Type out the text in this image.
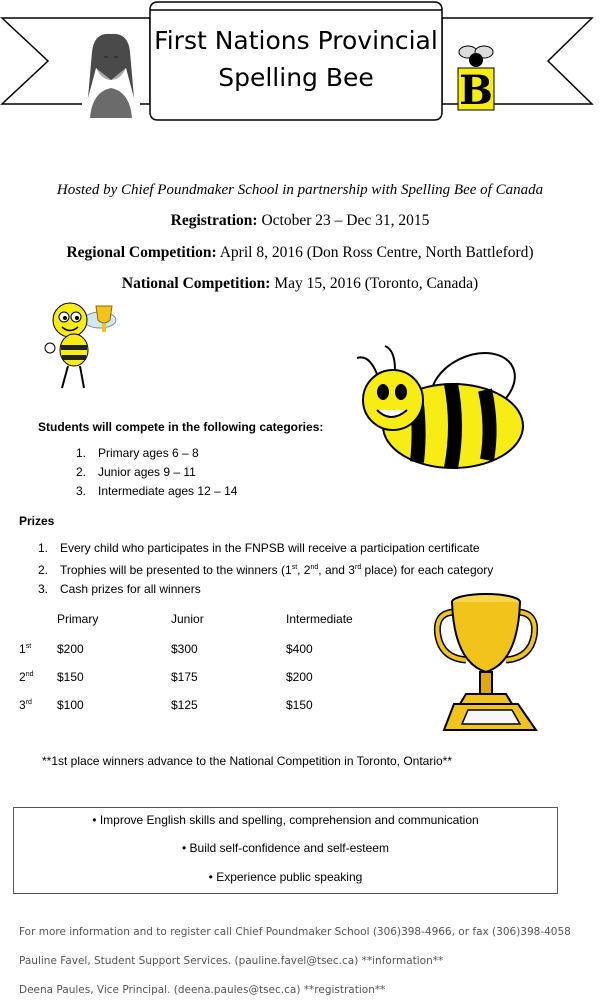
B
First Nations Provincial
Spelling Bee
Hosted by Chief Poundmaker School in partnership with Spelling Bee of Canada
Registration: October 23 – Dec 31, 2015
Regional Competition: April 8, 2016 (Don Ross Centre, North Battleford)
National Competition: May 15, 2016 (Toronto, Canada)
Students will compete in the following categories:
1. Primary ages 6 – 8
2. Junior ages 9 – 11
3. Intermediate ages 12 – 14
Prizes
1. Every child who participates in the FNPSB will receive a participation certificate
2. Trophies will be presented to the winners (1st, 2nd, and 3rd place) for each category
3. Cash prizes for all winners
Primary	Junior	Intermediate
1st $200	$300	$400
2nd $150	$175	$200
3rd $100	$125	$150
**1st place winners advance to the National Competition in Toronto, Ontario**
• Improve English skills and spelling, comprehension and communication
• Build self-confidence and self-esteem
• Experience public speaking
For more information and to register call Chief Poundmaker School (306)398-4966, or fax (306)398-4058
Pauline Favel, Student Support Services. (pauline.favel@tsec.ca) **information**
Deena Paules, Vice Principal. (deena.paules@tsec.ca) **registration**
